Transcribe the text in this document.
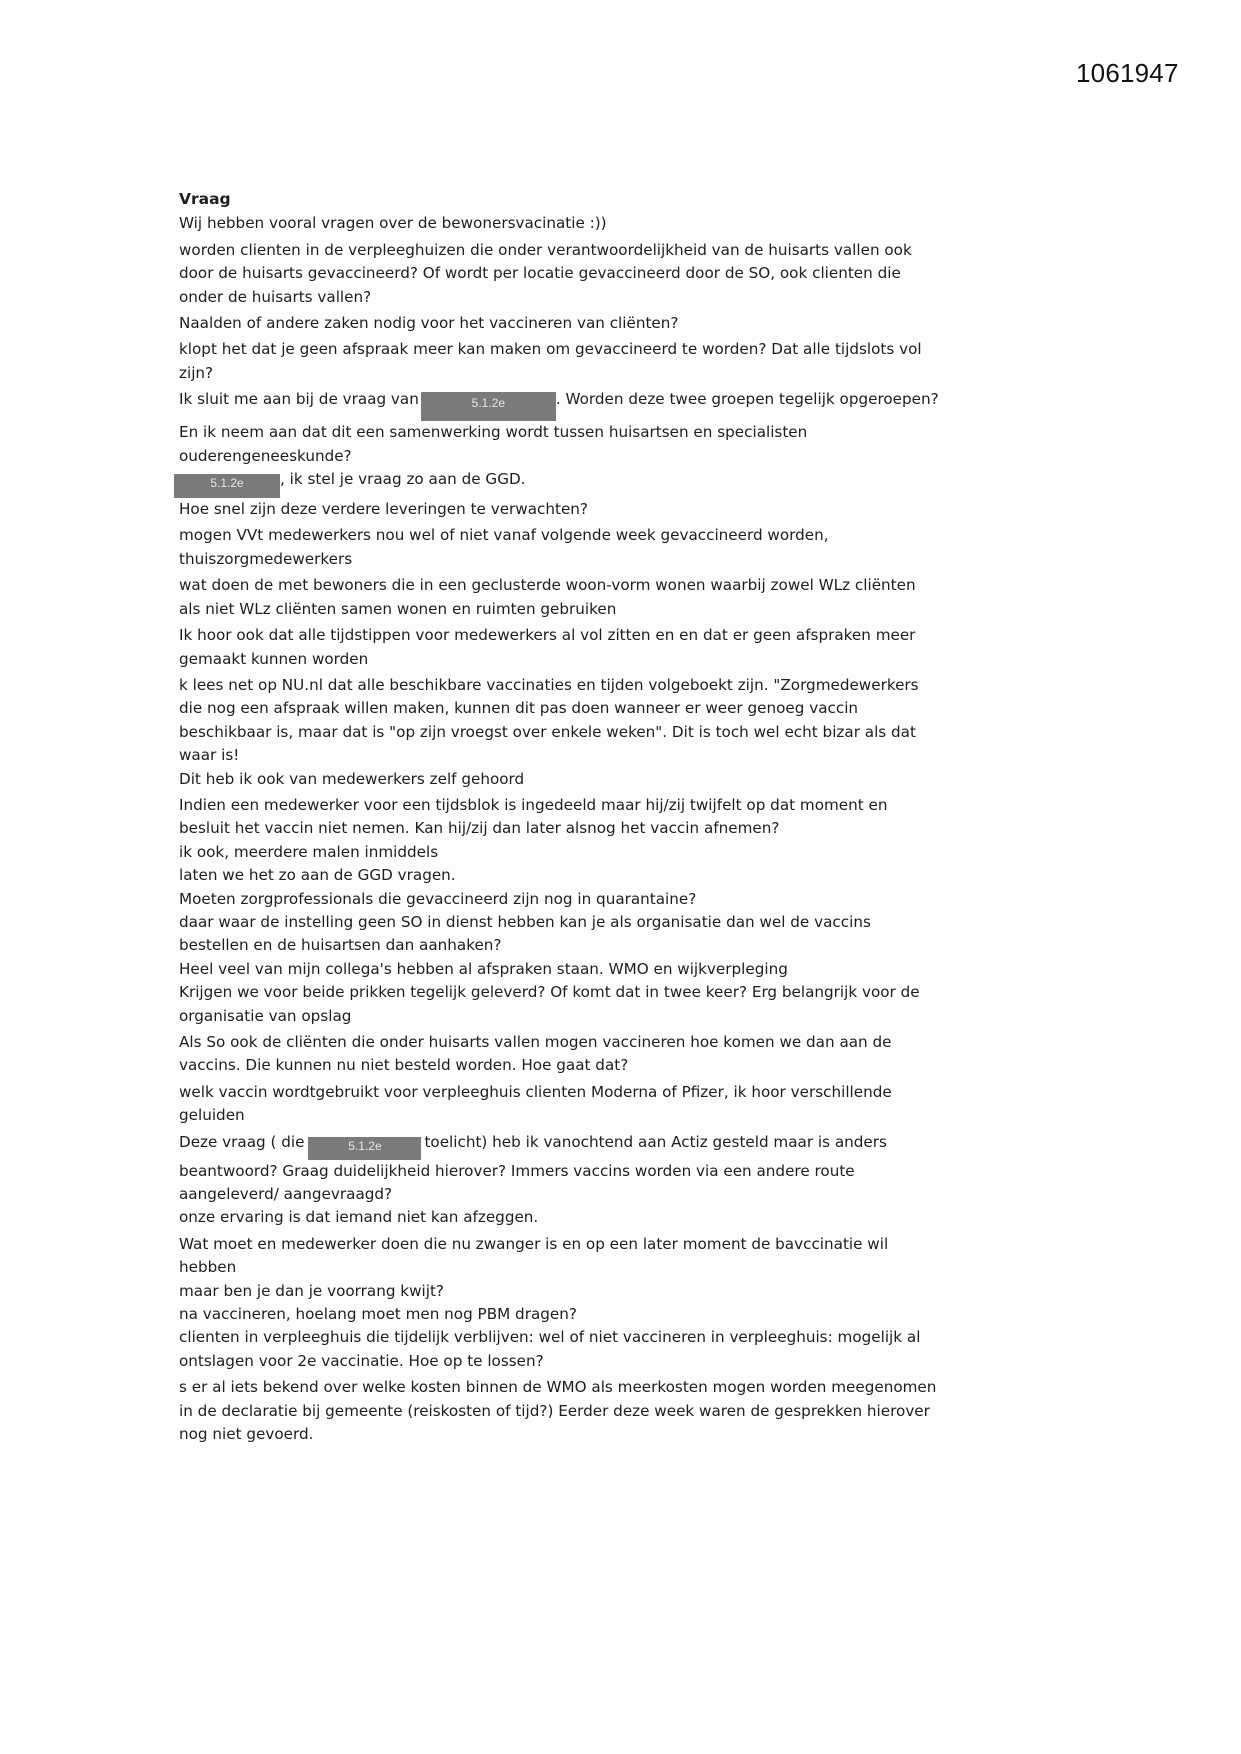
1061947
Vraag

Wij hebben vooral vragen over de bewonersvacinatie :))

worden clienten in de verpleeghuizen die onder verantwoordelijkheid van de huisarts vallen ook door de huisarts gevaccineerd? Of wordt per locatie gevaccineerd door de SO, ook clienten die onder de huisarts vallen?

Naalden of andere zaken nodig voor het vaccineren van cliënten?

klopt het dat je geen afspraak meer kan maken om gevaccineerd te worden? Dat alle tijdslots vol zijn?

Ik sluit me aan bij de vraag van	5.1.2e	. Worden deze twee groepen tegelijk opgeroepen? En ik neem aan dat dit een samenwerking wordt tussen huisartsen en specialisten ouderengeneeskunde?

5.1.2e , ik stel je vraag zo aan de GGD.

Hoe snel zijn deze verdere leveringen te verwachten?

mogen VVt medewerkers nou wel of niet vanaf volgende week gevaccineerd worden, thuiszorgmedewerkers

wat doen de met bewoners die in een geclusterde woon-vorm wonen waarbij zowel WLz cliënten als niet WLz cliënten samen wonen en ruimten gebruiken

Ik hoor ook dat alle tijdstippen voor medewerkers al vol zitten en en dat er geen afspraken meer gemaakt kunnen worden

k lees net op NU.nl dat alle beschikbare vaccinaties en tijden volgeboekt zijn. "Zorgmedewerkers die nog een afspraak willen maken, kunnen dit pas doen wanneer er weer genoeg vaccin beschikbaar is, maar dat is "op zijn vroegst over enkele weken". Dit is toch wel echt bizar als dat waar is!

Dit heb ik ook van medewerkers zelf gehoord

Indien een medewerker voor een tijdsblok is ingedeeld maar hij/zij twijfelt op dat moment en besluit het vaccin niet nemen. Kan hij/zij dan later alsnog het vaccin afnemen?

ik ook, meerdere malen inmiddels

laten we het zo aan de GGD vragen.

Moeten zorgprofessionals die gevaccineerd zijn nog in quarantaine?

daar waar de instelling geen SO in dienst hebben kan je als organisatie dan wel de vaccins bestellen en de huisartsen dan aanhaken?

Heel veel van mijn collega's hebben al afspraken staan. WMO en wijkverpleging

Krijgen we voor beide prikken tegelijk geleverd? Of komt dat in twee keer? Erg belangrijk voor de organisatie van opslag

Als So ook de cliënten die onder huisarts vallen mogen vaccineren hoe komen we dan aan de vaccins. Die kunnen nu niet besteld worden. Hoe gaat dat?

welk vaccin wordtgebruikt voor verpleeghuis clienten Moderna of Pfizer, ik hoor verschillende geluiden

Deze vraag ( die	5.1.2e	toelicht) heb ik vanochtend aan Actiz gesteld maar is anders beantwoord? Graag duidelijkheid hierover? Immers vaccins worden via een andere route aangeleverd/ aangevraagd?

onze ervaring is dat iemand niet kan afzeggen.

Wat moet en medewerker doen die nu zwanger is en op een later moment de bavccinatie wil hebben

maar ben je dan je voorrang kwijt?

na vaccineren, hoelang moet men nog PBM dragen?

clienten in verpleeghuis die tijdelijk verblijven: wel of niet vaccineren in verpleeghuis: mogelijk al ontslagen voor 2e vaccinatie. Hoe op te lossen?

s er al iets bekend over welke kosten binnen de WMO als meerkosten mogen worden meegenomen in de declaratie bij gemeente (reiskosten of tijd?) Eerder deze week waren de gesprekken hierover nog niet gevoerd.
